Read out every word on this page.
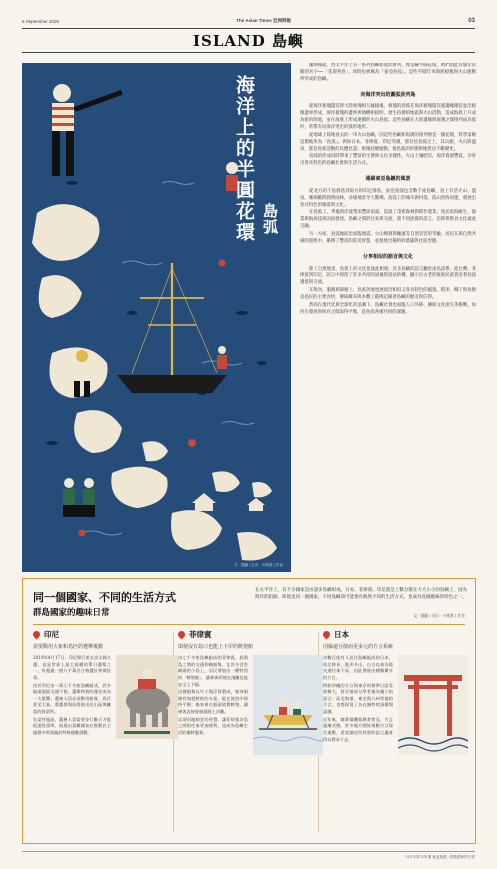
5 September 2025	The Asian Times 亞洲時報	03
ISLAND 島嶼
海洋上的半圓花環 島弧
文 · 插圖 / 吉田 · 小林書工作室

團開後面，西太平洋上有一系列島嶼如弧狀排列，像是鑲半圓花環，被們因此有個非常動的名字──「花環列島」。同時也被稱為「東亞島弧」。這些半圓年來海底板塊與火山運動所形成的島嶼。

向海洋突出的圓弧狀列島

從海洋板塊隱沒與大陸板塊相互碰撞後，板塊的島弧在海洋板塊隱沒處邊緣隆起並沿板塊邊界形成。海洋板塊的邊界與地幔相接時，發生持續的地震與火山活動，造成海底上升成為新的陸地，並在海底上形成連續的火山島弧；這些島嶼在大陸邊緣與海溝之間排列成為弧形，常帶有向海洋突出的弧形地形。

從地球上陸地看去的一串火山島嶼，因這些島嶼和海溝的排列像是一圈花環，科學家稱這類地形為「島弧」。例如日本、菲律賓、印尼等國，都位於島弧之上，其山脈、火山與溫泉，都是島弧活動的具體見證；板塊持續運動，使島弧的形態與地質也不斷變化。

島弧的形成同時帶來了豐富的生態與文化多樣性。火山土壤肥沃，海洋資源豐富，孕育出各具特色的島嶼社會與生活方式。

連綿東亞島鏈的風景

從北方的千島群島到南方的印尼群島，東亞島弧包含數千座島嶼，島上有活火山、溫泉、珊瑚礁與熱帶雨林，多樣地景令人驚嘆。島弧上的城市與村落，依山傍海而建，發展出各具特色的聚落與文化。

在島弧上，季風與洋流帶來豐沛雨量，造就了茂密森林與稻作農業；島民依海維生，漁業與航海技術因而發達。島嶼之間的往來與交流，使不同族群的語言、信仰與飲食文化彼此交融。

另一方面，島弧地區也面臨地震、火山爆發與颱風等自然災害的考驗。居民在與自然共處的過程中，累積了豐富的防災智慧，並發展出獨特的建築與社區型態。

分享相似的語言與文化

除了自然地景，島弧上的文化也彼此相連。許多島嶼的語言屬於南島語系，從台灣、菲律賓到印尼，語言中保留了許多共同的詞彙與語法結構，顯示出古老的航海民族曾沿著島弧遷徙與交流。

在飲食、服飾與節慶上，島弧各地也展現出相似又各具特色的風貌。稻米、椰子與魚類是島民的主要食材，傳統織布與木雕工藝則記錄著島嶼的歷史與信仰。

然而在現代化與全球化的浪潮下，島嶼社會也面臨人口外移、傳統文化流失等挑戰。如何在發展與保存之間取得平衡，是島弧各國共同的課題。

同一個國家、不同的生活方式
群島國家的趣味日常
在太平洋上，有不少國家是由諸多島嶼組成，日本、菲律賓、印尼就是上數分散在大大小小的島嶼上，因為海洋的阻隔，即使是同一個國家，不同島嶼間可能會有截然不同的生活方式，也成為島國趣味的特色之一。
文 · 插圖 / 吉田 · 小林書工作室
印尼
需要動用大象和馬匹的選舉後勤

2019年4月17日，印尼舉行第五次全國大選，這是世界上最大規模的單日選舉之一，有超過一億九千萬名合格選民參與投票。

由於印尼由一萬七千多座島嶼組成，許多偏遠地區交通不便，選舉物資的運送成為一大挑戰；選務人員必須動用船隻、馬匹甚至大象，將選票與投票箱送往山區與離島的投票所。

在某些地區，選務人員需要步行數天才能抵達投票所，展現出島嶼國家在推動民主過程中所面臨的特殊後勤挑戰。

菲律賓
即使沒有島口也能上下岸的軟墊船

由七千多座島嶼組成的菲律賓，島與島之間的交通仰賴船隻。在許多沒有碼頭的小島上，居民發展出一種特別的「軟墊船」，讓乘客即使在淺灘也能安全上下船。

這種船隻以竹子與浮筒製成，船身兩側有如翅膀般的支架，能在波浪中保持平衡；船家會在船頭放置軟墊，讓乘客直接從船頭踏上沙灘。

這項因地制宜的智慧，讓菲律賓各島之間的往來更加便利，也成為島嶼生活的獨特風景。

日本
因偏遠分散而更多元的方言系統

由數百座有人居住島嶼組成的日本，南北狹長、地形多山，自古以來各地交通往來不易，因此發展出種類繁多的方言。

例如沖繩的方言與東京的標準日語差異極大，甚至被部分學者視為獨立的語言；而北海道、東北與九州等地的方言，也都保留了各自獨特的詞彙與語調。

近年來，隨著媒體與教育普及，方言逐漸式微，許多地方開始推動方言保存運動，希望讓這些珍貴的語言遺產得以傳承下去。

113 年第 176 期 東亞島弧 · 群島國家的日常
